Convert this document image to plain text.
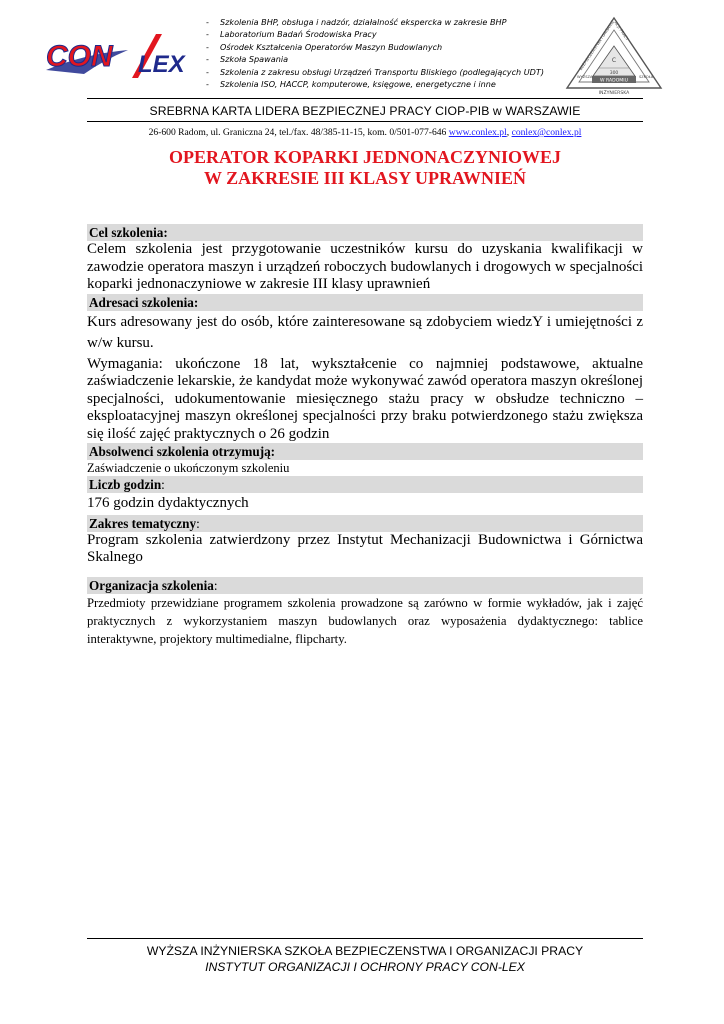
CON LEX
- Szkolenia BHP, obsługa i nadzór, działalność ekspercka w zakresie BHP
- Laboratorium Badań Środowiska Pracy
- Ośrodek Kształcenia Operatorów Maszyn Budowlanych
- Szkoła Spawania
- Szkolenia z zakresu obsługi Urządzeń Transportu Bliskiego (podlegających UDT)
- Szkolenia ISO, HACCP, komputerowe, księgowe, energetyczne i inne
BEZPIECZEŃSTWA I ORGANIZACJI PRACY
C
300
W RADOMIU
INŻYNIERSKA
WYŻSZA	SZKOŁA
SREBRNA KARTA LIDERA BEZPIECZNEJ PRACY CIOP-PIB w WARSZAWIE
26-600 Radom, ul. Graniczna 24, tel./fax. 48/385-11-15, kom. 0/501-077-646 www.conlex.pl, conlex@conlex.pl
OPERATOR KOPARKI JEDNONACZYNIOWEJ
W ZAKRESIE III KLASY UPRAWNIEŃ
Cel szkolenia:
Celem szkolenia jest przygotowanie uczestników kursu do uzyskania kwalifikacji w zawodzie operatora maszyn i urządzeń roboczych budowlanych i drogowych w specjalności koparki jednonaczyniowe w zakresie III klasy uprawnień
Adresaci szkolenia:
Kurs adresowany jest do osób, które zainteresowane są zdobyciem wiedzY i umiejętności z w/w kursu.
Wymagania: ukończone 18 lat, wykształcenie co najmniej podstawowe, aktualne zaświadczenie lekarskie, że kandydat może wykonywać zawód operatora maszyn określonej specjalności, udokumentowanie miesięcznego stażu pracy w obsłudze techniczno – eksploatacyjnej maszyn określonej specjalności przy braku potwierdzonego stażu zwiększa się ilość zajęć praktycznych o 26 godzin
Absolwenci szkolenia otrzymują:
Zaświadczenie o ukończonym szkoleniu
Liczb godzin:
176 godzin dydaktycznych
Zakres tematyczny:
Program szkolenia zatwierdzony przez Instytut Mechanizacji Budownictwa i Górnictwa Skalnego
Organizacja szkolenia:
Przedmioty przewidziane programem szkolenia prowadzone są zarówno w formie wykładów, jak i zajęć praktycznych z wykorzystaniem maszyn budowlanych oraz wyposażenia dydaktycznego: tablice interaktywne, projektory multimedialne, flipcharty.
WYŻSZA INŻYNIERSKA SZKOŁA BEZPIECZENSTWA I ORGANIZACJI PRACY
INSTYTUT ORGANIZACJI I OCHRONY PRACY CON-LEX
